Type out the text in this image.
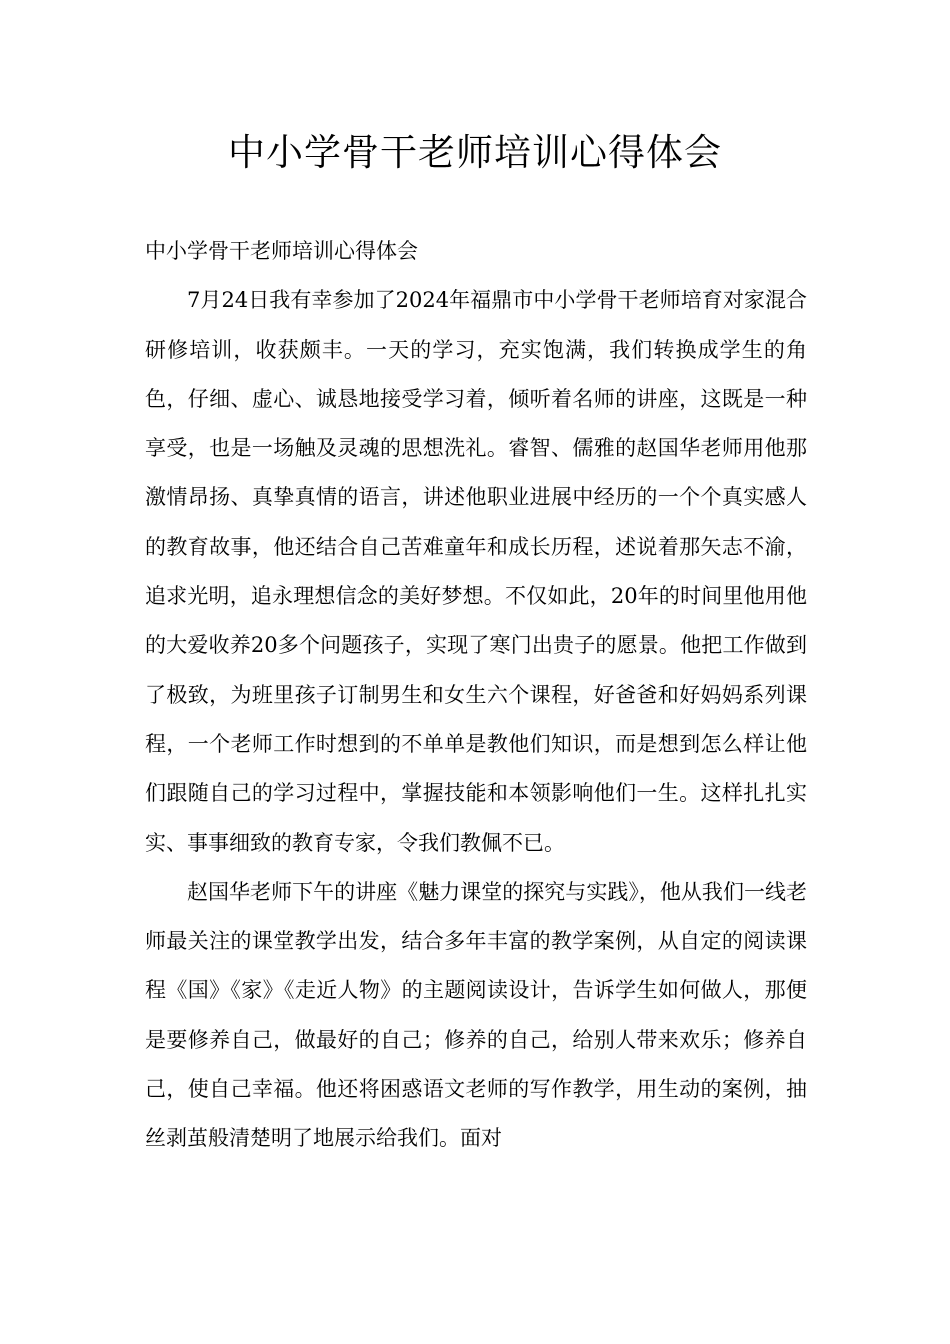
中小学骨干老师培训心得体会

中小学骨干老师培训心得体会

7月24日我有幸参加了2024年福鼎市中小学骨干老师培育对家混合研修培训，收获颇丰。一天的学习，充实饱满，我们转换成学生的角色，仔细、虚心、诚恳地接受学习着，倾听着名师的讲座，这既是一种享受，也是一场触及灵魂的思想洗礼。睿智、儒雅的赵国华老师用他那激情昂扬、真挚真情的语言，讲述他职业进展中经历的一个个真实感人的教育故事，他还结合自己苦难童年和成长历程，述说着那矢志不渝，追求光明，追永理想信念的美好梦想。不仅如此，20年的时间里他用他的大爱收养20多个问题孩子，实现了寒门出贵子的愿景。他把工作做到了极致，为班里孩子订制男生和女生六个课程，好爸爸和好妈妈系列课程，一个老师工作时想到的不单单是教他们知识，而是想到怎么样让他们跟随自己的学习过程中，掌握技能和本领影响他们一生。这样扎扎实实、事事细致的教育专家，令我们教佩不已。

赵国华老师下午的讲座《魅力课堂的探究与实践》，他从我们一线老师最关注的课堂教学出发，结合多年丰富的教学案例，从自定的阅读课程《国》《家》《走近人物》的主题阅读设计，告诉学生如何做人，那便是要修养自己，做最好的自己；修养的自己，给别人带来欢乐；修养自己，使自己幸福。他还将困惑语文老师的写作教学，用生动的案例，抽丝剥茧般清楚明了地展示给我们。面对
